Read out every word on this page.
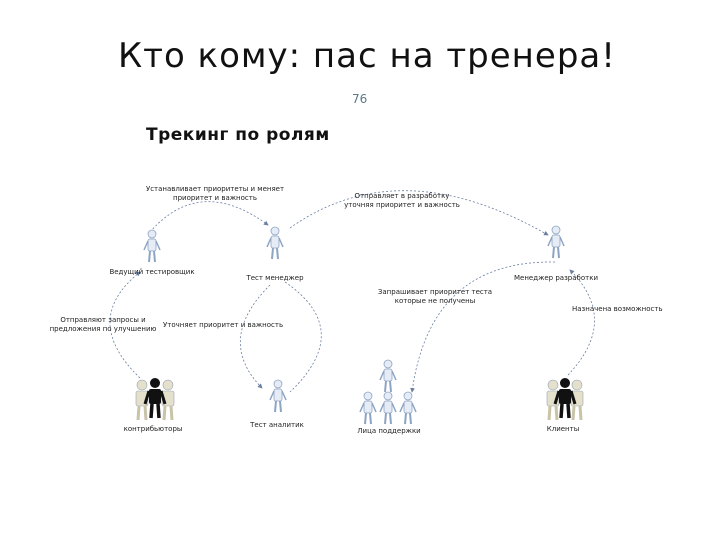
Кто кому: пас на тренера!
76
Трекинг по ролям
Ведущий тестировщик
Тест менеджер	Менеджер разработки
контрибьюторы	Тест аналитик
Лица поддержки	Клиенты
Устанавливает приоритеты и меняет
приоритет и важность	Отправляет в разработку
уточняя приоритет и важность
Запрашивает приоритет теста
которые не получены
Отправляют запросы и
предложения по улучшению Уточняет приоритет и важность
Назначена возможность
